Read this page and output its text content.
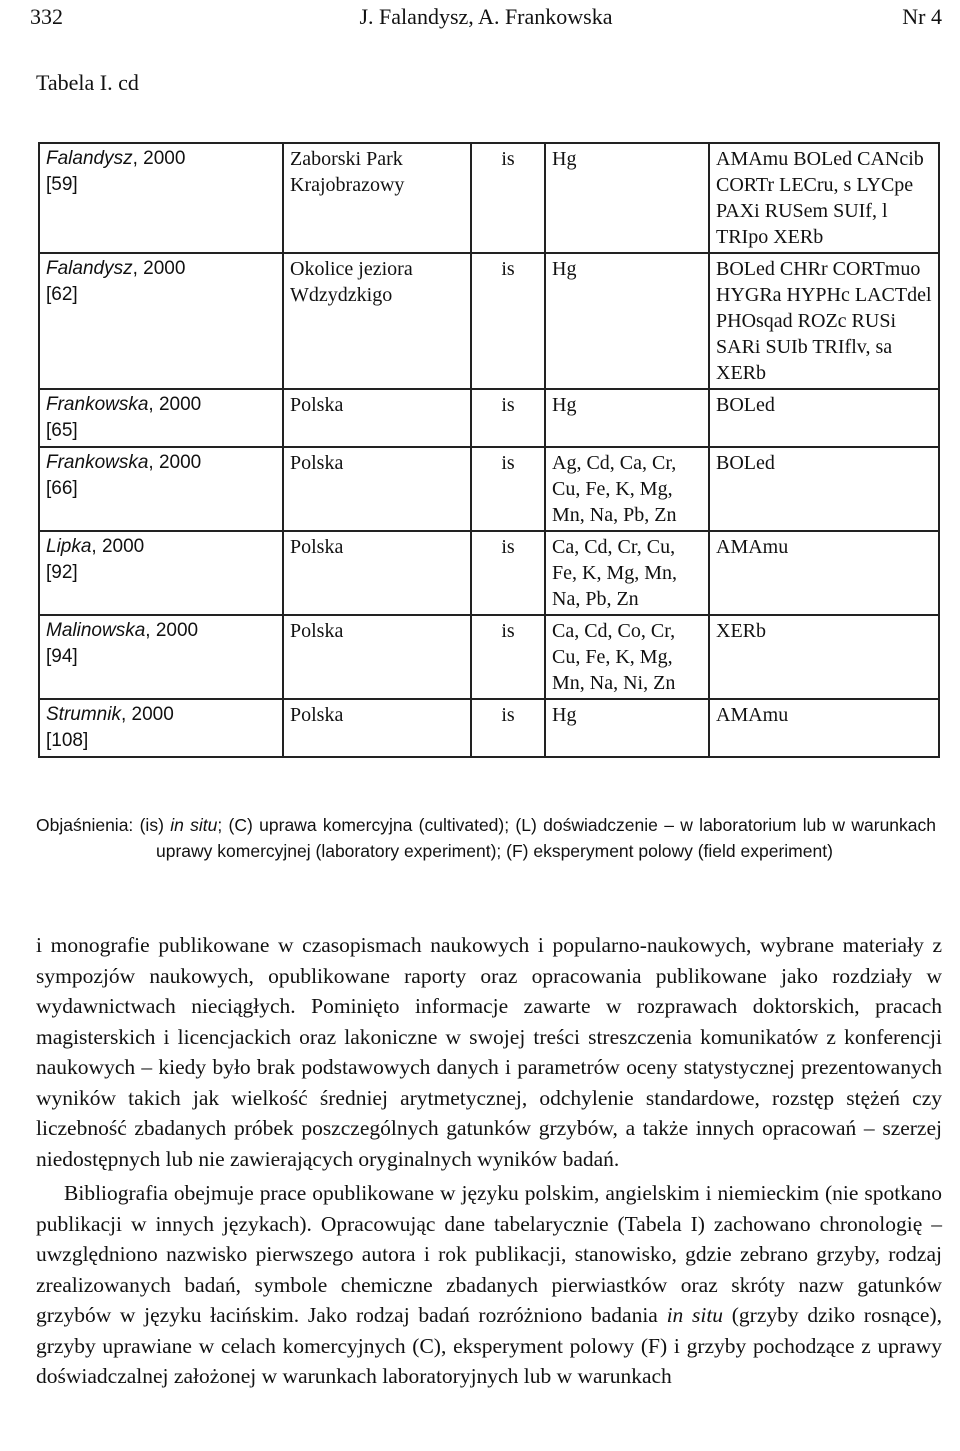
332	J. Falandysz, A. Frankowska	Nr 4
Tabela I. cd
Falandysz, 2000
[59]	Zaborski Park Krajobrazowy	is	Hg	AMAmu BOLed CANcib CORTr LECru, s LYCpe PAXi RUSem SUIf, l TRIpo XERb
Falandysz, 2000
[62]	Okolice jeziora Wdzydzkigo	is	Hg	BOLed CHRr CORTmuo HYGRa HYPHc LACTdel PHOsqad ROZc RUSi SARi SUIb TRIflv, sa XERb
Frankowska, 2000
[65]	Polska	is	Hg	BOLed
Frankowska, 2000
[66]	Polska	is	Ag, Cd, Ca, Cr, Cu, Fe, K, Mg, Mn, Na, Pb, Zn	BOLed
Lipka, 2000
[92]	Polska	is	Ca, Cd, Cr, Cu, Fe, K, Mg, Mn, Na, Pb, Zn	AMAmu
Malinowska, 2000
[94]	Polska	is	Ca, Cd, Co, Cr, Cu, Fe, K, Mg, Mn, Na, Ni, Zn	XERb
Strumnik, 2000
[108]	Polska	is	Hg	AMAmu
Objaśnienia: (is) in situ; (C) uprawa komercyjna (cultivated); (L) doświadczenie – w laboratorium lub w warunkach uprawy komercyjnej (laboratory experiment); (F) eksperyment polowy (field experiment)

i monografie publikowane w czasopismach naukowych i popularno-naukowych, wybrane materiały z sympozjów naukowych, opublikowane raporty oraz opracowania publikowane jako rozdziały w wydawnictwach nieciągłych. Pominięto informacje zawarte w rozprawach doktorskich, pracach magisterskich i licencjackich oraz lakoniczne w swojej treści streszczenia komunikatów z konferencji naukowych – kiedy było brak podstawowych danych i parametrów oceny statystycznej prezentowanych wyników takich jak wielkość średniej arytmetycznej, odchylenie standardowe, rozstęp stężeń czy liczebność zbadanych próbek poszczególnych gatunków grzybów, a także innych opracowań – szerzej niedostępnych lub nie zawierających oryginalnych wyników badań.

Bibliografia obejmuje prace opublikowane w języku polskim, angielskim i niemieckim (nie spotkano publikacji w innych językach). Opracowując dane tabelarycznie (Tabela I) zachowano chronologię – uwzględniono nazwisko pierwszego autora i rok publikacji, stanowisko, gdzie zebrano grzyby, rodzaj zrealizowanych badań, symbole chemiczne zbadanych pierwiastków oraz skróty nazw gatunków grzybów w języku łacińskim. Jako rodzaj badań rozróżniono badania in situ (grzyby dziko rosnące), grzyby uprawiane w celach komercyjnych (C), eksperyment polowy (F) i grzyby pochodzące z uprawy doświadczalnej założonej w warunkach laboratoryjnych lub w warunkach
